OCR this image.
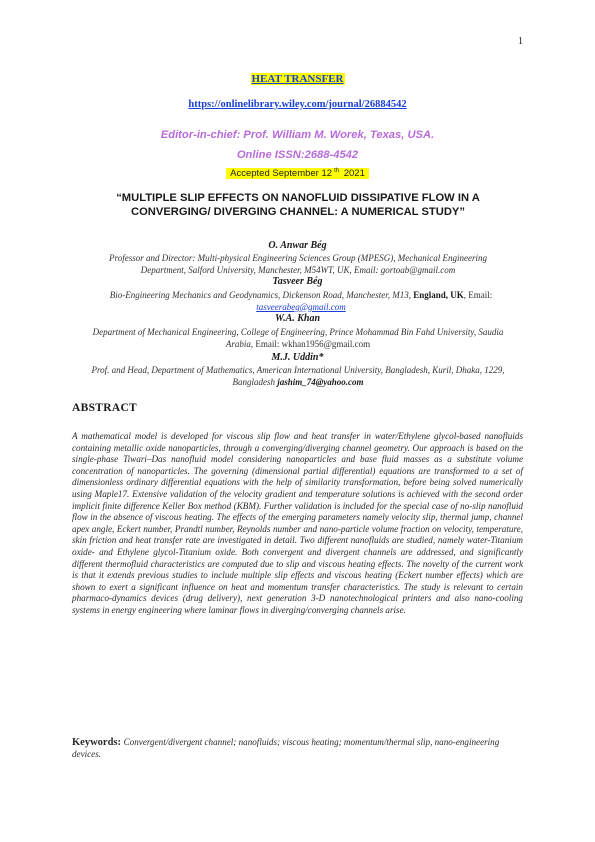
1
HEAT TRANSFER
https://onlinelibrary.wiley.com/journal/26884542
Editor-in-chief: Prof. William M. Worek, Texas, USA.
Online ISSN:2688-4542
Accepted September 12 $^{th}$ 2021
“MULTIPLE SLIP EFFECTS ON NANOFLUID DISSIPATIVE FLOW IN A CONVERGING/ DIVERGING CHANNEL: A NUMERICAL STUDY”
O. Anwar Bég
Professor and Director: Multi-physical Engineering Sciences Group (MPESG), Mechanical Engineering Department, Salford University, Manchester, M54WT, UK, Email: gortoab@gmail.com
Tasveer Bég
Bio-Engineering Mechanics and Geodynamics, Dickenson Road, Manchester, M13, England, UK, Email: tasveerabeg@gmail.com
W.A. Khan
Department of Mechanical Engineering, College of Engineering, Prince Mohammad Bin Fahd University, Saudia Arabia, Email: wkhan1956@gmail.com
M.J. Uddin*
Prof. and Head, Department of Mathematics, American International University, Bangladesh, Kuril, Dhaka, 1229, Bangladesh jashim_74@yahoo.com
ABSTRACT
A mathematical model is developed for viscous slip flow and heat transfer in water/Ethylene glycol-based nanofluids containing metallic oxide nanoparticles, through a converging/diverging channel geometry. Our approach is based on the single-phase Tiwari–Das nanofluid model considering nanoparticles and base fluid masses as a substitute volume concentration of nanoparticles. The governing (dimensional partial differential) equations are transformed to a set of dimensionless ordinary differential equations with the help of similarity transformation, before being solved numerically using Maple17. Extensive validation of the velocity gradient and temperature solutions is achieved with the second order implicit finite difference Keller Box method (KBM). Further validation is included for the special case of no-slip nanofluid flow in the absence of viscous heating. The effects of the emerging parameters namely velocity slip, thermal jump, channel apex angle, Eckert number, Prandtl number, Reynolds number and nano-particle volume fraction on velocity, temperature, skin friction and heat transfer rate are investigated in detail. Two different nanofluids are studied, namely water-Titanium oxide- and Ethylene glycol-Titanium oxide. Both convergent and divergent channels are addressed, and significantly different thermofluid characteristics are computed due to slip and viscous heating effects. The novelty of the current work is that it extends previous studies to include multiple slip effects and viscous heating (Eckert number effects) which are shown to exert a significant influence on heat and momentum transfer characteristics. The study is relevant to certain pharmaco-dynamics devices (drug delivery), next generation 3-D nanotechnological printers and also nano-cooling systems in energy engineering where laminar flows in diverging/converging channels arise.
Keywords: Convergent/divergent channel; nanofluids; viscous heating; momentum/thermal slip, nano-engineering devices.
